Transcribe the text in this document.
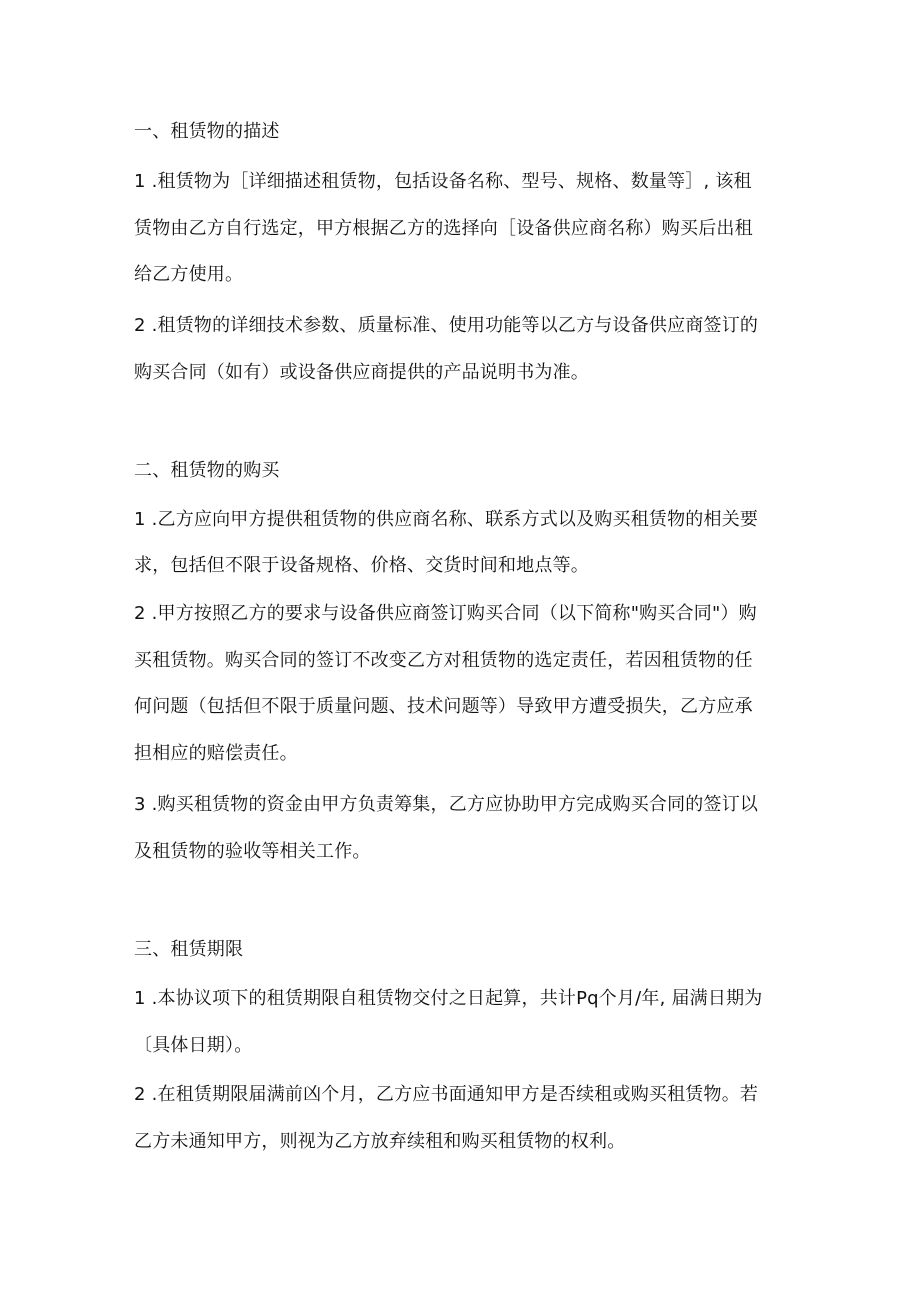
一、租赁物的描述
1 .租赁物为［详细描述租赁物，包括设备名称、型号、规格、数量等］, 该租
赁物由乙方自行选定，甲方根据乙方的选择向［设备供应商名称）购买后出租
给乙方使用。
2 .租赁物的详细技术参数、质量标准、使用功能等以乙方与设备供应商签订的
购买合同（如有）或设备供应商提供的产品说明书为准。
二、租赁物的购买
1 .乙方应向甲方提供租赁物的供应商名称、联系方式以及购买租赁物的相关要
求，包括但不限于设备规格、价格、交货时间和地点等。
2 .甲方按照乙方的要求与设备供应商签订购买合同（以下简称"购买合同"）购
买租赁物。购买合同的签订不改变乙方对租赁物的选定责任，若因租赁物的任
何问题（包括但不限于质量问题、技术问题等）导致甲方遭受损失，乙方应承
担相应的赔偿责任。
3 .购买租赁物的资金由甲方负责筹集，乙方应协助甲方完成购买合同的签订以
及租赁物的验收等相关工作。
三、租赁期限
1 .本协议项下的租赁期限自租赁物交付之日起算，共计Pq个月/年, 届满日期为
〔具体日期）。
2 .在租赁期限届满前凶个月，乙方应书面通知甲方是否续租或购买租赁物。若
乙方未通知甲方，则视为乙方放弃续租和购买租赁物的权利。
